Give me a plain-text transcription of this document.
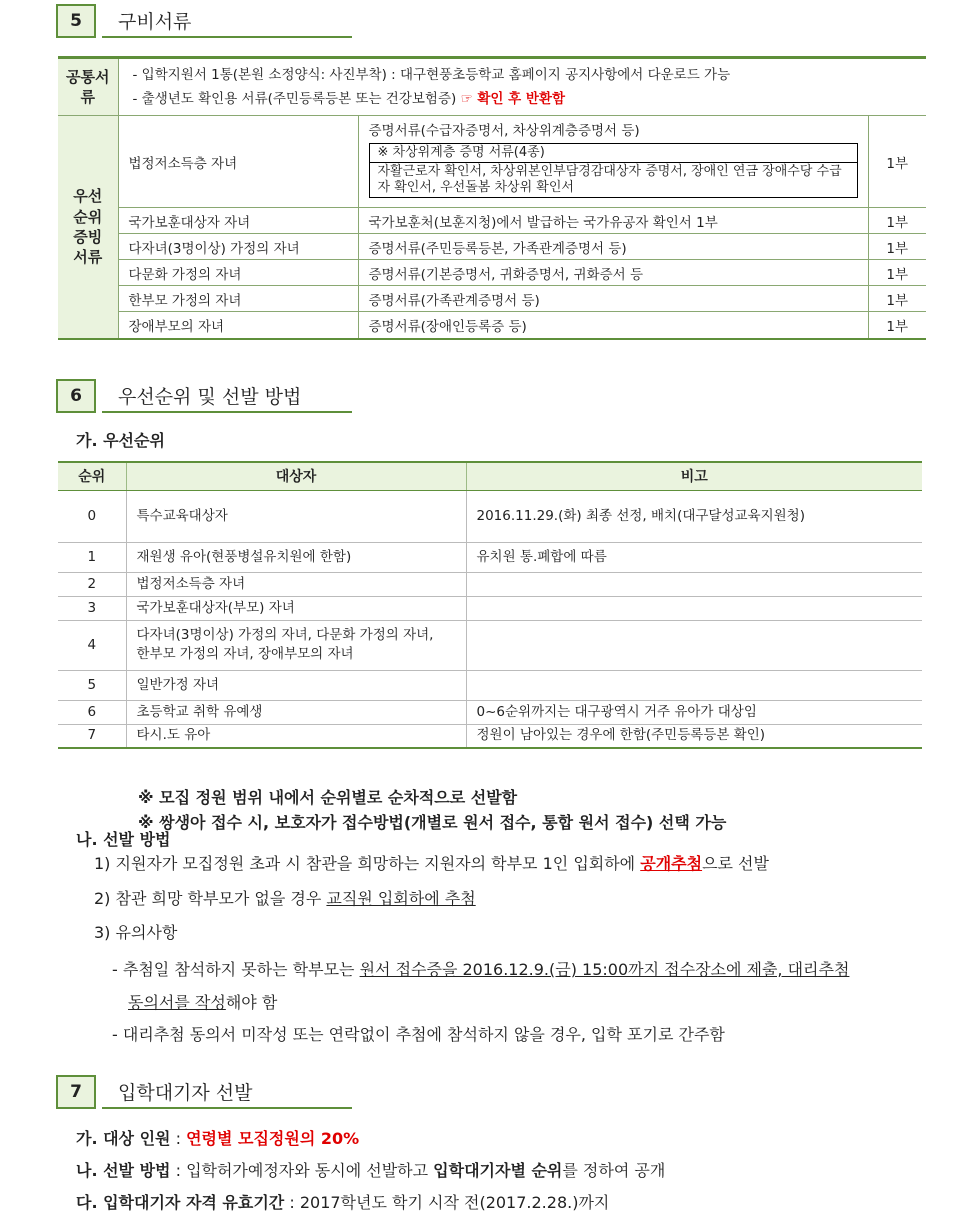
5	구비서류
공통서류	- 입학지원서 1통(본원 소정양식: 사진부착) : 대구현풍초등학교 홈페이지 공지사항에서 다운로드 가능
- 출생년도 확인용 서류(주민등록등본 또는 건강보험증) ☞ 확인 후 반환함		

우선순위증빙서류	법정저소득층 자녀	증명서류(수급자증명서, 차상위계층증명서 등)
※ 차상위계층 증명 서류(4종)
자활근로자 확인서, 차상위본인부담경감대상자 증명서, 장애인 연금 장애수당 수급자 확인서, 우선돌봄 차상위 확인서	1부
	국가보훈대상자 자녀	국가보훈처(보훈지청)에서 발급하는 국가유공자 확인서 1부	1부
	다자녀(3명이상) 가정의 자녀	증명서류(주민등록등본, 가족관계증명서 등)	1부
	다문화 가정의 자녀	증명서류(기본증명서, 귀화증명서, 귀화증서 등	1부
	한부모 가정의 자녀	증명서류(가족관계증명서 등)	1부
	장애부모의 자녀	증명서류(장애인등록증 등)	1부
6	우선순위 및 선발 방법
가. 우선순위
순위	대상자	비고
0	특수교육대상자	2016.11.29.(화) 최종 선정, 배치(대구달성교육지원청)
1	재원생 유아(현풍병설유치원에 한함)	유치원 통.폐합에 따름
2	법정저소득층 자녀	
3	국가보훈대상자(부모) 자녀	
4	다자녀(3명이상) 가정의 자녀, 다문화 가정의 자녀,
한부모 가정의 자녀, 장애부모의 자녀	

5	일반가정 자녀	
6	초등학교 취학 유예생	0~6순위까지는 대구광역시 거주 유아가 대상임
7	타시.도 유아	정원이 남아있는 경우에 한함(주민등록등본 확인)
※ 모집 정원 범위 내에서 순위별로 순차적으로 선발함
※ 쌍생아 접수 시, 보호자가 접수방법(개별로 원서 접수, 통합 원서 접수) 선택 가능
나. 선발 방법
1) 지원자가 모집정원 초과 시 참관을 희망하는 지원자의 학부모 1인 입회하에 공개추첨으로 선발
2) 참관 희망 학부모가 없을 경우 교직원 입회하에 추첨
3) 유의사항
- 추첨일 참석하지 못하는 학부모는 원서 접수증을 2016.12.9.(금) 15:00까지 접수장소에 제출, 대리추첨
동의서를 작성해야 함
- 대리추첨 동의서 미작성 또는 연락없이 추첨에 참석하지 않을 경우, 입학 포기로 간주함
7	입학대기자 선발
가. 대상 인원 : 연령별 모집정원의 20%
나. 선발 방법 : 입학허가예정자와 동시에 선발하고 입학대기자별 순위를 정하여 공개
다. 입학대기자 자격 유효기간 : 2017학년도 학기 시작 전(2017.2.28.)까지
